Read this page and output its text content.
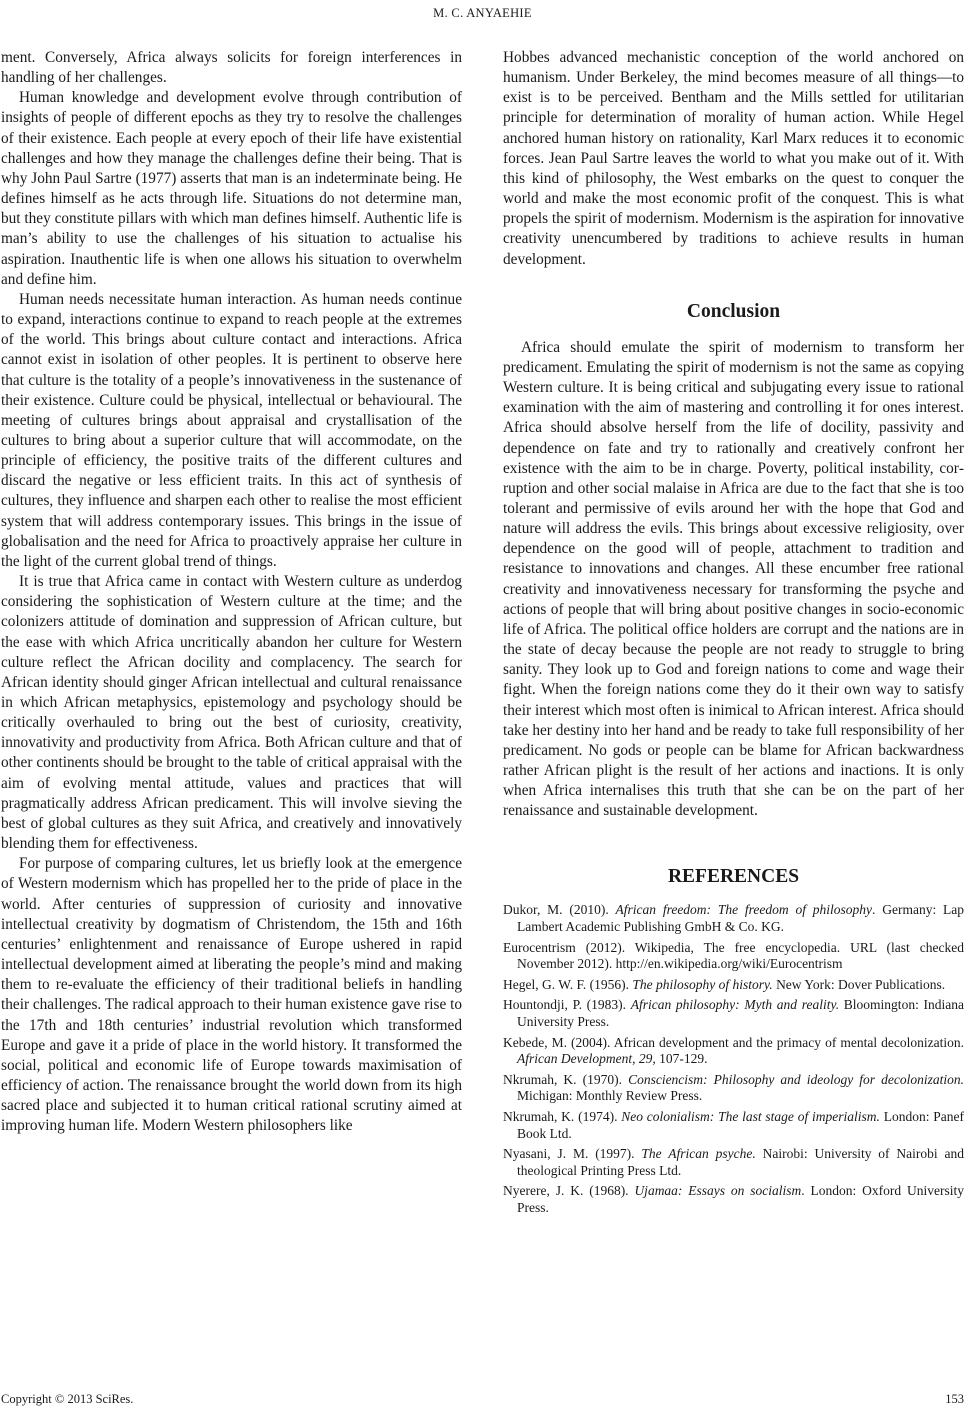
M. C. ANYAEHIE

ment. Conversely, Africa always solicits for foreign interferences in handling of her challenges.

Human knowledge and development evolve through contribution of insights of people of different epochs as they try to resolve the challenges of their existence. Each people at every epoch of their life have existential challenges and how they manage the challenges define their being. That is why John Paul Sartre (1977) asserts that man is an indeterminate being. He defines himself as he acts through life. Situations do not determine man, but they constitute pillars with which man defines himself. Authentic life is man’s ability to use the challenges of his situation to actualise his aspiration. Inauthentic life is when one allows his situation to overwhelm and define him.

Human needs necessitate human interaction. As human needs continue to expand, interactions continue to expand to reach people at the extremes of the world. This brings about culture contact and interactions. Africa cannot exist in isolation of other peoples. It is pertinent to observe here that culture is the totality of a people’s innovativeness in the sustenance of their existence. Culture could be physical, intellectual or behavioural. The meeting of cultures brings about appraisal and crystallisation of the cultures to bring about a superior culture that will accommodate, on the principle of efficiency, the positive traits of the different cultures and discard the negative or less efficient traits. In this act of synthesis of cultures, they influence and sharpen each other to realise the most efficient system that will address contemporary issues. This brings in the issue of globalisation and the need for Africa to proactively appraise her culture in the light of the current global trend of things.

It is true that Africa came in contact with Western culture as underdog considering the sophistication of Western culture at the time; and the colonizers attitude of domination and suppression of African culture, but the ease with which Africa uncritically abandon her culture for Western culture reflect the African docility and complacency. The search for African identity should ginger African intellectual and cultural renaissance in which African metaphysics, epistemology and psychology should be critically overhauled to bring out the best of curiosity, creativity, innovativity and productivity from Africa. Both African culture and that of other continents should be brought to the table of critical appraisal with the aim of evolving mental attitude, values and practices that will pragmatically address African predicament. This will involve sieving the best of global cultures as they suit Africa, and creatively and innovatively blending them for effectiveness.

For purpose of comparing cultures, let us briefly look at the emergence of Western modernism which has propelled her to the pride of place in the world. After centuries of suppression of curiosity and innovative intellectual creativity by dogmatism of Christendom, the 15th and 16th centuries’ enlightenment and renaissance of Europe ushered in rapid intellectual development aimed at liberating the people’s mind and making them to re-evaluate the efficiency of their traditional beliefs in handling their challenges. The radical approach to their human existence gave rise to the 17th and 18th centuries’ industrial revolution which transformed Europe and gave it a pride of place in the world history. It transformed the social, political and economic life of Europe towards maximisation of efficiency of action. The renaissance brought the world down from its high sacred place and subjected it to human critical rational scrutiny aimed at improving human life. Modern Western philosophers like

Hobbes advanced mechanistic conception of the world anchored on humanism. Under Berkeley, the mind becomes measure of all things—to exist is to be perceived. Bentham and the Mills settled for utilitarian principle for determination of morality of human action. While Hegel anchored human history on rationality, Karl Marx reduces it to economic forces. Jean Paul Sartre leaves the world to what you make out of it. With this kind of philosophy, the West embarks on the quest to conquer the world and make the most economic profit of the conquest. This is what propels the spirit of modernism. Modernism is the aspiration for innovative creativity unencumbered by traditions to achieve results in human development.

Conclusion

Africa should emulate the spirit of modernism to transform her predicament. Emulating the spirit of modernism is not the same as copying Western culture. It is being critical and subjugating every issue to rational examination with the aim of mastering and controlling it for ones interest. Africa should absolve herself from the life of docility, passivity and dependence on fate and try to rationally and creatively confront her existence with the aim to be in charge. Poverty, political instability, corruption and other social malaise in Africa are due to the fact that she is too tolerant and permissive of evils around her with the hope that God and nature will address the evils. This brings about excessive religiosity, over dependence on the good will of people, attachment to tradition and resistance to innovations and changes. All these encumber free rational creativity and innovativeness necessary for transforming the psyche and actions of people that will bring about positive changes in socio-economic life of Africa. The political office holders are corrupt and the nations are in the state of decay because the people are not ready to struggle to bring sanity. They look up to God and foreign nations to come and wage their fight. When the foreign nations come they do it their own way to satisfy their interest which most often is inimical to African interest. Africa should take her destiny into her hand and be ready to take full responsibility of her predicament. No gods or people can be blame for African backwardness rather African plight is the result of her actions and inactions. It is only when Africa internalises this truth that she can be on the part of her renaissance and sustainable development.

REFERENCES
Dukor, M. (2010). African freedom: The freedom of philosophy. Germany: Lap Lambert Academic Publishing GmbH & Co. KG.
Eurocentrism (2012). Wikipedia, The free encyclopedia. URL (last checked November 2012). http://en.wikipedia.org/wiki/Eurocentrism
Hegel, G. W. F. (1956). The philosophy of history. New York: Dover Publications.
Hountondji, P. (1983). African philosophy: Myth and reality. Bloomington: Indiana University Press.
Kebede, M. (2004). African development and the primacy of mental decolonization. African Development, 29, 107-129.
Nkrumah, K. (1970). Consciencism: Philosophy and ideology for decolonization. Michigan: Monthly Review Press.
Nkrumah, K. (1974). Neo colonialism: The last stage of imperialism. London: Panef Book Ltd.
Nyasani, J. M. (1997). The African psyche. Nairobi: University of Nairobi and theological Printing Press Ltd.
Nyerere, J. K. (1968). Ujamaa: Essays on socialism. London: Oxford University Press.
Copyright © 2013 SciRes.	153
